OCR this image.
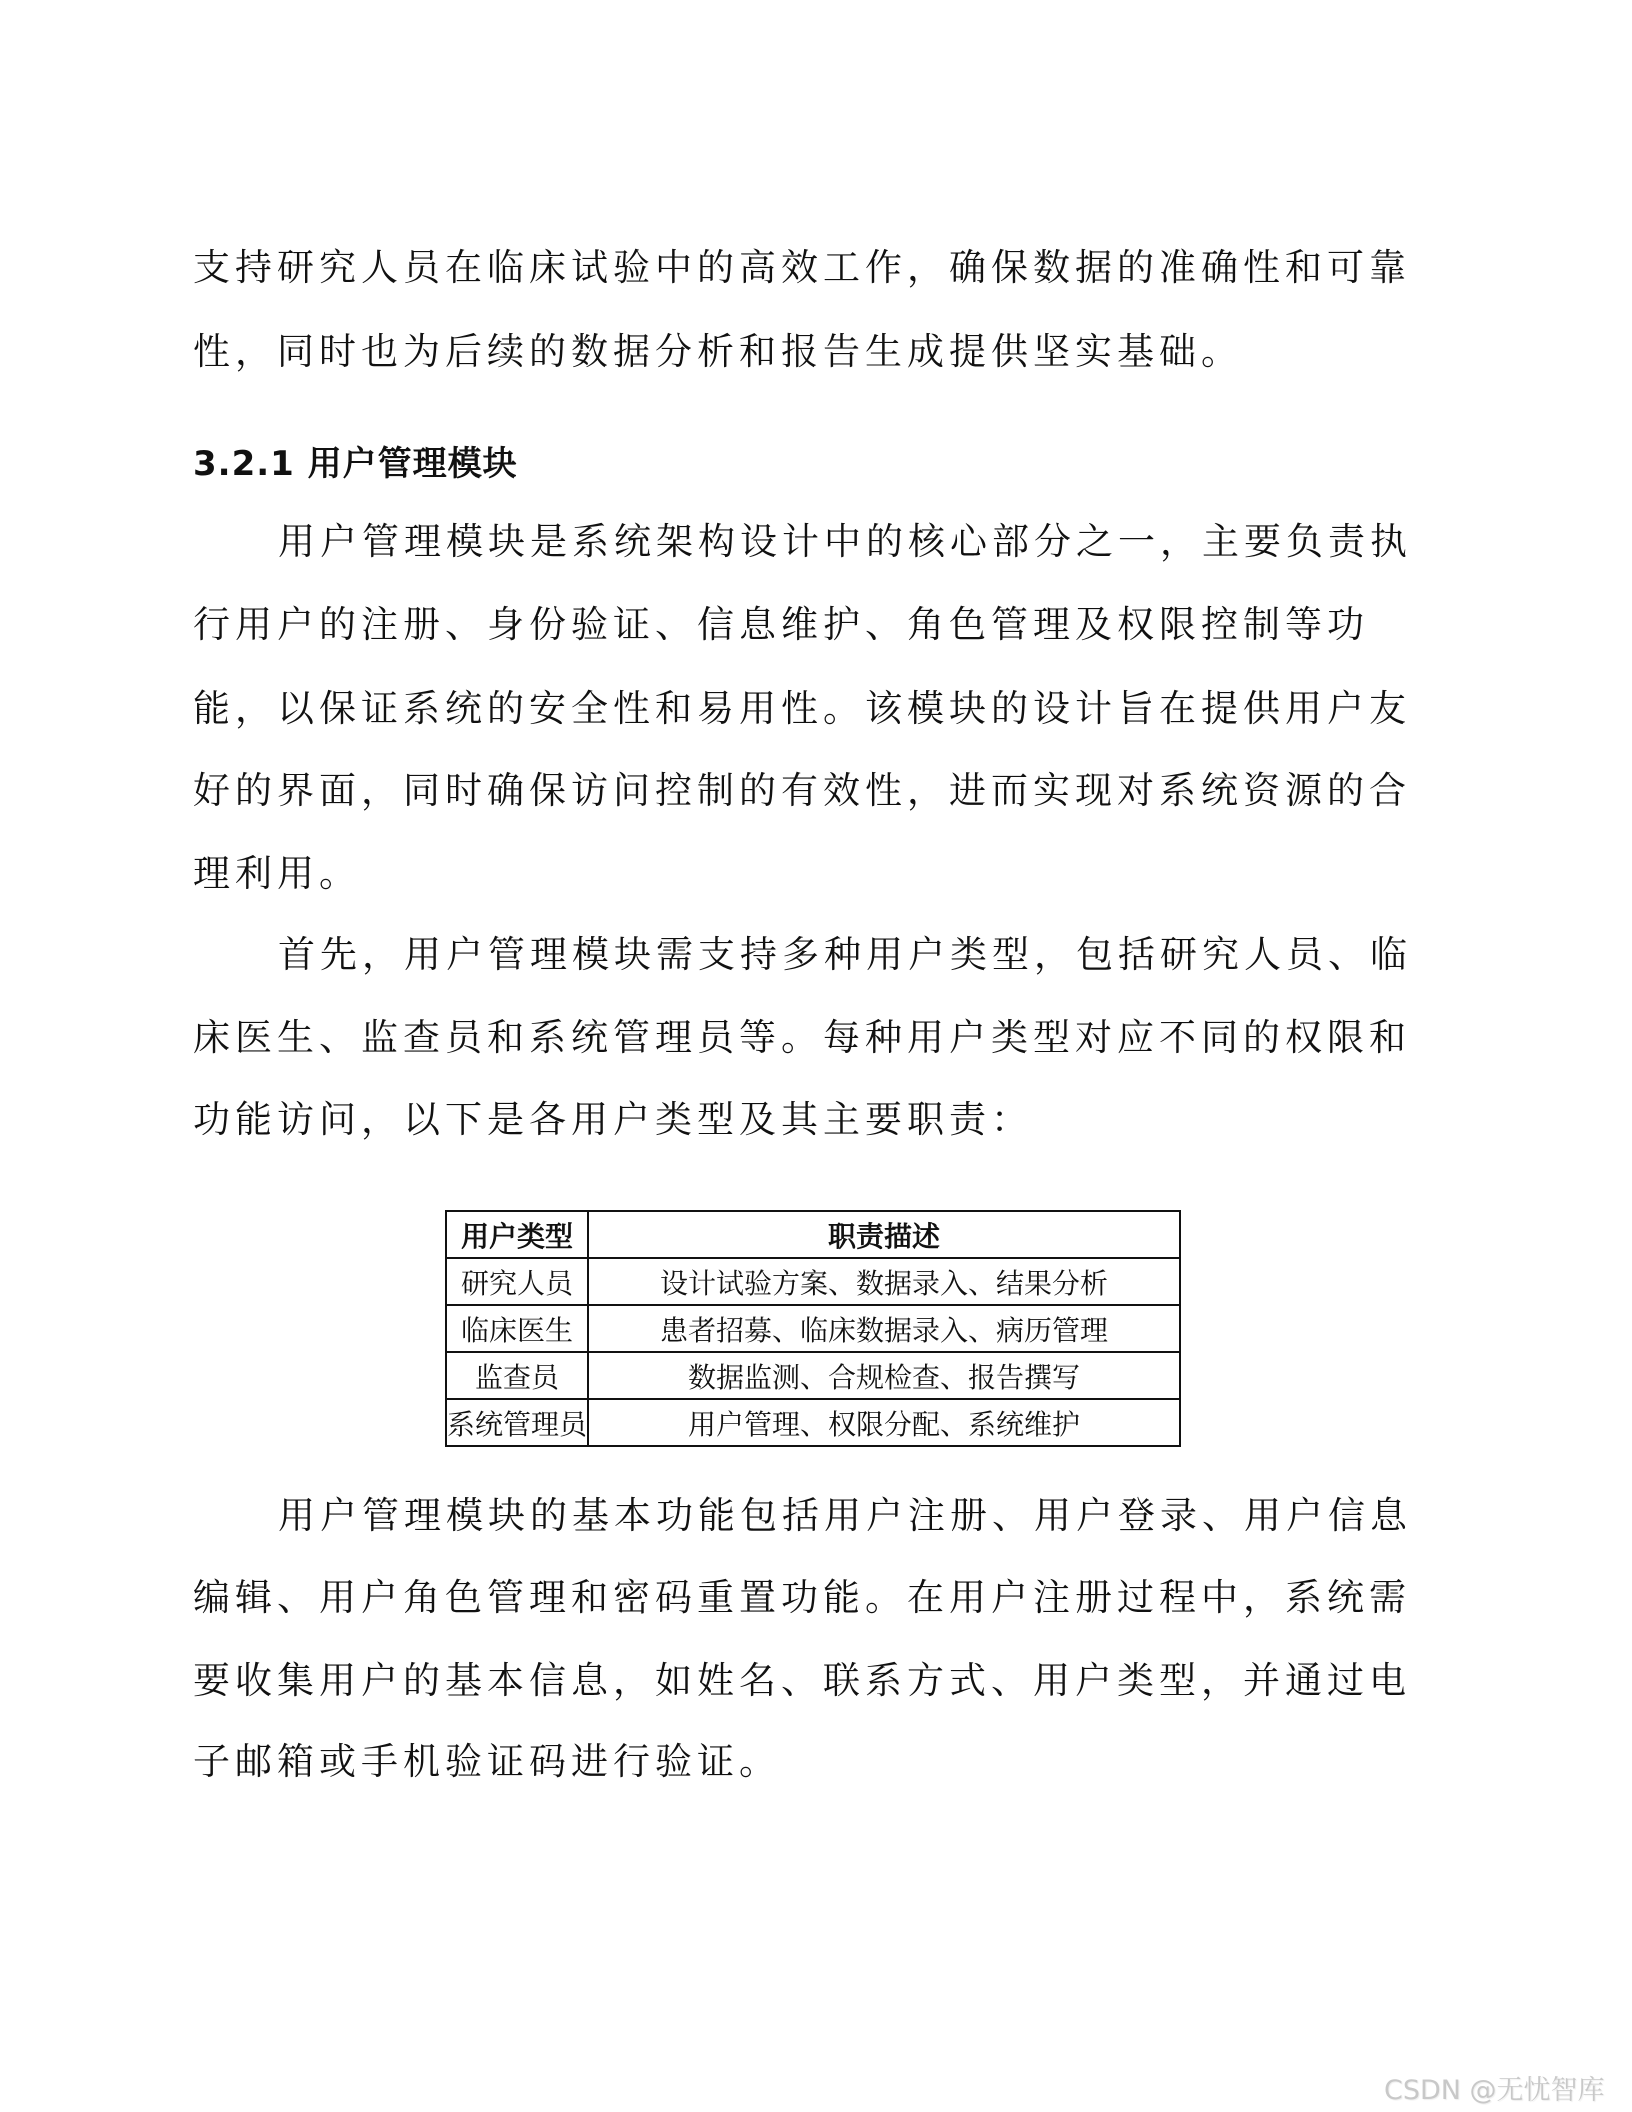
支持研究人员在临床试验中的高效工作，确保数据的准确性和可靠
性，同时也为后续的数据分析和报告生成提供坚实基础。
3.2.1 用户管理模块
用户管理模块是系统架构设计中的核心部分之一，主要负责执
行用户的注册、身份验证、信息维护、角色管理及权限控制等功
能，以保证系统的安全性和易用性。该模块的设计旨在提供用户友
好的界面，同时确保访问控制的有效性，进而实现对系统资源的合
理利用。
首先，用户管理模块需支持多种用户类型，包括研究人员、临
床医生、监查员和系统管理员等。每种用户类型对应不同的权限和
功能访问，以下是各用户类型及其主要职责：
用户类型	职责描述
研究人员	设计试验方案、数据录入、结果分析
临床医生	患者招募、临床数据录入、病历管理
监查员	数据监测、合规检查、报告撰写
系统管理员	用户管理、权限分配、系统维护
用户管理模块的基本功能包括用户注册、用户登录、用户信息
编辑、用户角色管理和密码重置功能。在用户注册过程中，系统需
要收集用户的基本信息，如姓名、联系方式、用户类型，并通过电
子邮箱或手机验证码进行验证。
CSDN @无忧智库
